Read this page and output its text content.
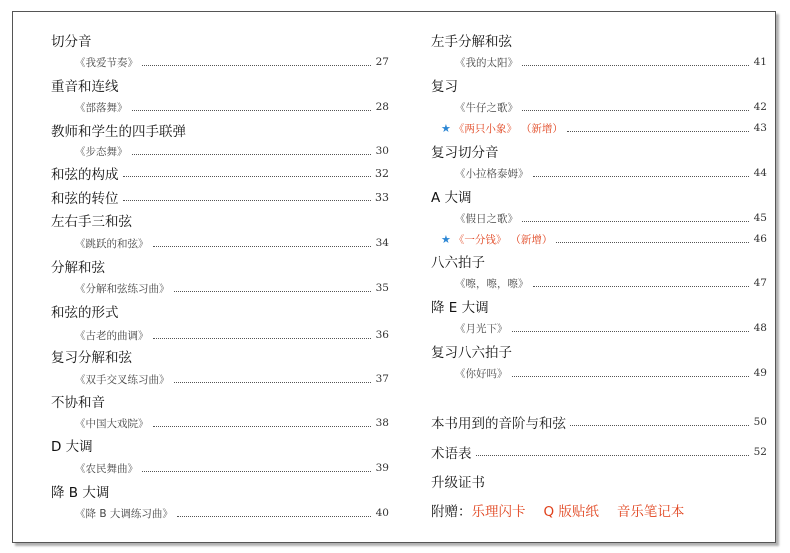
切分音
《我爱节奏》	27
重音和连线
《部落舞》	28
教师和学生的四手联弹
《步态舞》	30
和弦的构成	32
和弦的转位	33
左右手三和弦
《跳跃的和弦》	34
分解和弦
《分解和弦练习曲》	35
和弦的形式
《古老的曲调》	36
复习分解和弦
《双手交叉练习曲》	37
不协和音
《中国大戏院》	38
D 大调
《农民舞曲》	39
降 B 大调
《降 B 大调练习曲》	40
左手分解和弦
《我的太阳》	41
复习
《牛仔之歌》	42
★ 《两只小象》 （新增）	43
复习切分音
《小拉格泰姆》	44
A 大调
《假日之歌》	45
★ 《一分钱》 （新增）	46
八六拍子
《嚓，嚓，嚓》	47
降 E 大调
《月光下》	48
复习八六拍子
《你好吗》	49
本书用到的音阶与和弦	50
术语表	52
升级证书
附赠： 乐理闪卡 Q 版贴纸 音乐笔记本
